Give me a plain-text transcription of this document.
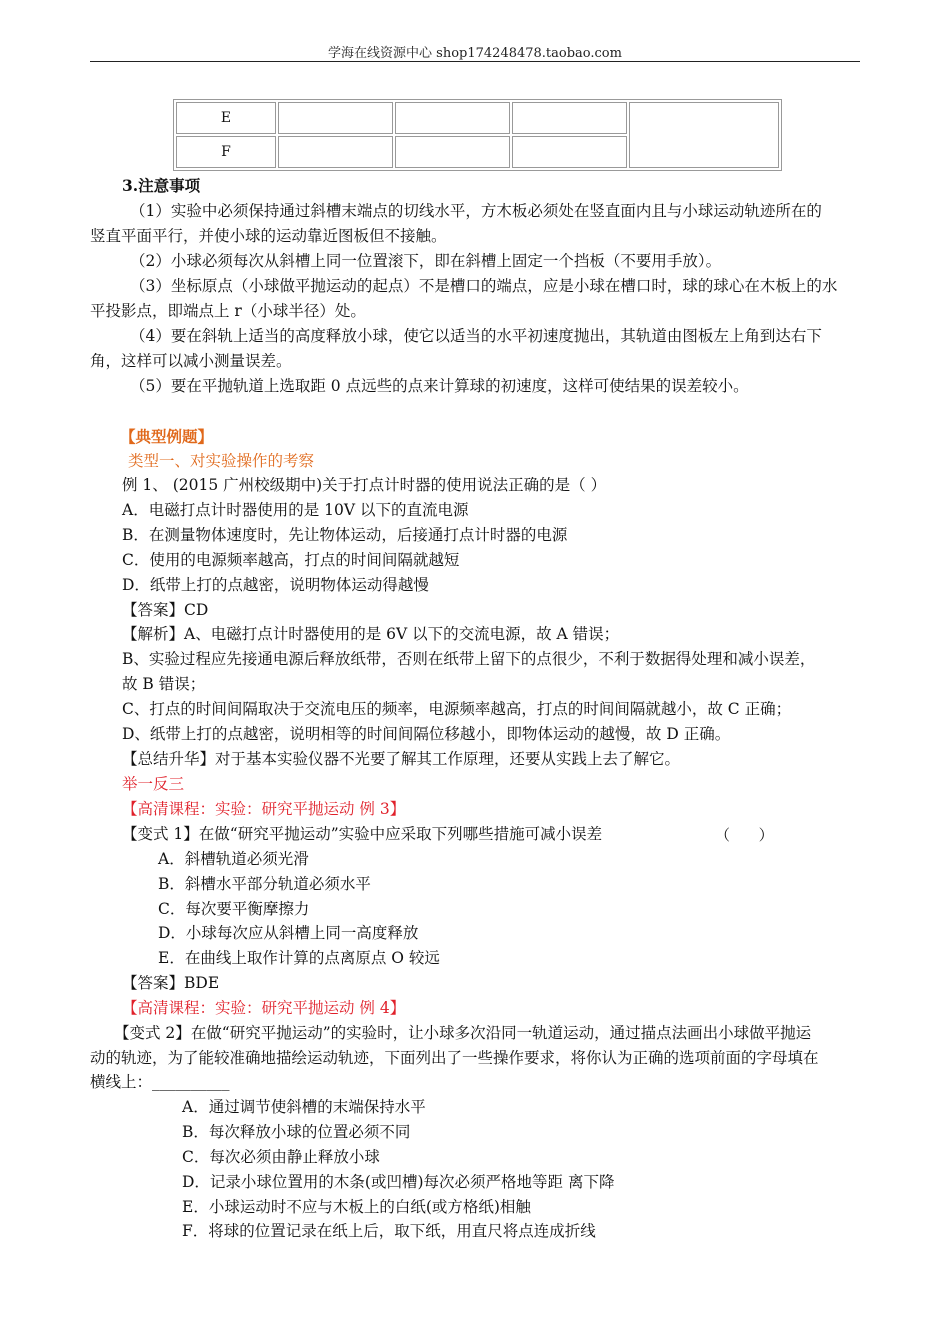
学海在线资源中心 shop174248478.taobao.com
E				
F				
3.注意事项
（1）实验中必须保持通过斜槽末端点的切线水平，方木板必须处在竖直面内且与小球运动轨迹所在的
竖直平面平行，并使小球的运动靠近图板但不接触。
（2）小球必须每次从斜槽上同一位置滚下，即在斜槽上固定一个挡板（不要用手放）。
（3）坐标原点（小球做平抛运动的起点）不是槽口的端点，应是小球在槽口时，球的球心在木板上的水
平投影点，即端点上 r（小球半径）处。
（4）要在斜轨上适当的高度释放小球，使它以适当的水平初速度抛出，其轨道由图板左上角到达右下
角，这样可以减小测量误差。
（5）要在平抛轨道上选取距 0 点远些的点来计算球的初速度，这样可使结果的误差较小。
【典型例题】
类型一、对实验操作的考察
例 1、 (2015 广州校级期中)关于打点计时器的使用说法正确的是（ ）
A．电磁打点计时器使用的是 10V 以下的直流电源
B．在测量物体速度时，先让物体运动，后接通打点计时器的电源
C．使用的电源频率越高，打点的时间间隔就越短
D．纸带上打的点越密，说明物体运动得越慢
【答案】CD
【解析】A、电磁打点计时器使用的是 6V 以下的交流电源，故 A 错误；
B、实验过程应先接通电源后释放纸带，否则在纸带上留下的点很少，不利于数据得处理和减小误差，
故 B 错误；
C、打点的时间间隔取决于交流电压的频率，电源频率越高，打点的时间间隔就越小，故 C 正确；
D、纸带上打的点越密，说明相等的时间间隔位移越小，即物体运动的越慢，故 D 正确。
【总结升华】对于基本实验仪器不光要了解其工作原理，还要从实践上去了解它。
举一反三
【高清课程：实验：研究平抛运动 例 3】
【变式 1】在做“研究平抛运动”实验中应采取下列哪些措施可减小误差	（      ）
A．斜槽轨道必须光滑
B．斜槽水平部分轨道必须水平
C．每次要平衡摩擦力
D．小球每次应从斜槽上同一高度释放
E．在曲线上取作计算的点离原点 O 较远
【答案】BDE
【高清课程：实验：研究平抛运动 例 4】
【变式 2】在做“研究平抛运动”的实验时，让小球多次沿同一轨道运动，通过描点法画出小球做平抛运
动的轨迹，为了能较准确地描绘运动轨迹，下面列出了一些操作要求，将你认为正确的选项前面的字母填在
横线上：__________
A．通过调节使斜槽的末端保持水平
B．每次释放小球的位置必须不同
C．每次必须由静止释放小球
D．记录小球位置用的木条(或凹槽)每次必须严格地等距 离下降
E．小球运动时不应与木板上的白纸(或方格纸)相触
F．将球的位置记录在纸上后，取下纸，用直尺将点连成折线
